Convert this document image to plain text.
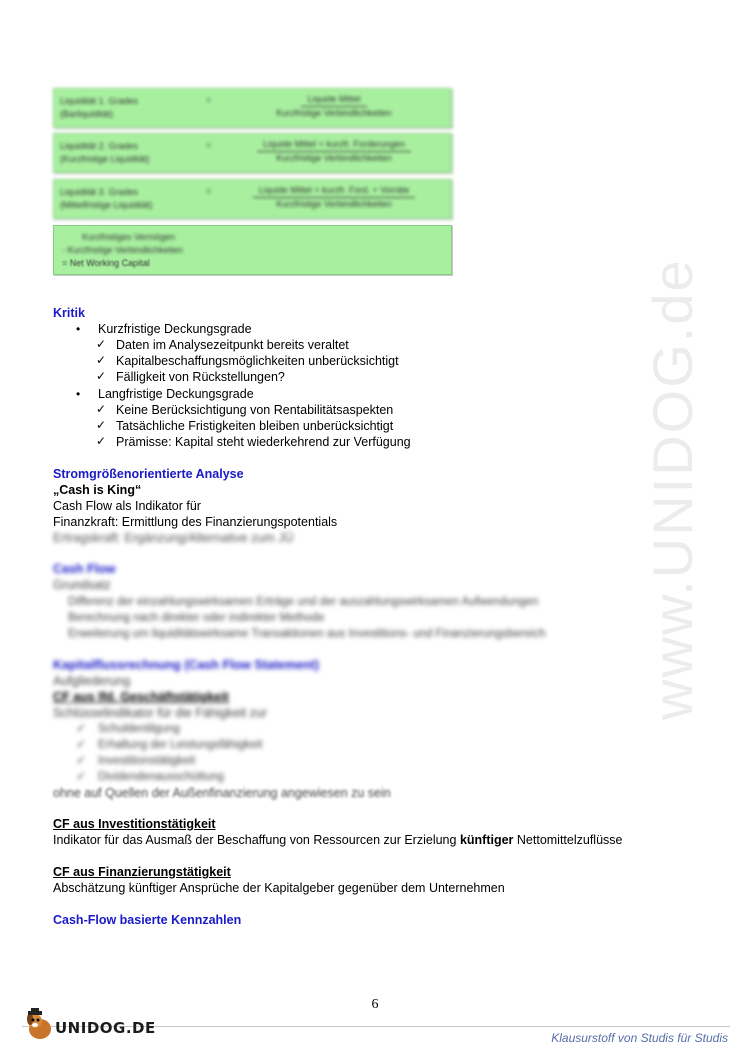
www.UNIDOG.de
Liquidität 1. Grades
(Barliquidität)
=	Liquide Mittel
Kurzfristige Verbindlichkeiten
Liquidität 2. Grades
(Kurzfristige Liquidität)
=	Liquide Mittel + kurzfr. Forderungen
Kurzfristige Verbindlichkeiten
Liquidität 3. Grades
(Mittelfristige Liquidität)
=	Liquide Mittel + kurzfr. Ford. + Vorräte
Kurzfristige Verbindlichkeiten
Kurzfristiges Vermögen
- Kurzfristige Verbindlichkeiten
= Net Working Capital
Kritik
• Kurzfristige Deckungsgrade
✓ Daten im Analysezeitpunkt bereits veraltet
✓ Kapitalbeschaffungsmöglichkeiten unberücksichtigt
✓ Fälligkeit von Rückstellungen?
• Langfristige Deckungsgrade
✓ Keine Berücksichtigung von Rentabilitätsaspekten
✓ Tatsächliche Fristigkeiten bleiben unberücksichtigt
✓ Prämisse: Kapital steht wiederkehrend zur Verfügung
Stromgrößenorientierte Analyse
„Cash is King“
Cash Flow als Indikator für
Finanzkraft: Ermittlung des Finanzierungspotentials
Ertragskraft: Ergänzung/Alternative zum JÜ
Cash Flow
Grundsatz
Differenz der einzahlungswirksamen Erträge und der auszahlungswirksamen Aufwendungen
Berechnung nach direkter oder indirekter Methode
Erweiterung um liquiditätswirksame Transaktionen aus Investitions- und Finanzierungsbereich
Kapitalflussrechnung (Cash Flow Statement)
Aufgliederung
CF aus lfd. Geschäftstätigkeit
Schlüsselindikator für die Fähigkeit zur
✓ Schuldentilgung
✓ Erhaltung der Leistungsfähigkeit
✓ Investitionstätigkeit
✓ Dividendenausschüttung
ohne auf Quellen der Außenfinanzierung angewiesen zu sein
CF aus Investitionstätigkeit
Indikator für das Ausmaß der Beschaffung von Ressourcen zur Erzielung künftiger Nettomittelzuflüsse
CF aus Finanzierungstätigkeit
Abschätzung künftiger Ansprüche der Kapitalgeber gegenüber dem Unternehmen
Cash-Flow basierte Kennzahlen
6
UNIDOG.DE
Klausurstoff von Studis für Studis
